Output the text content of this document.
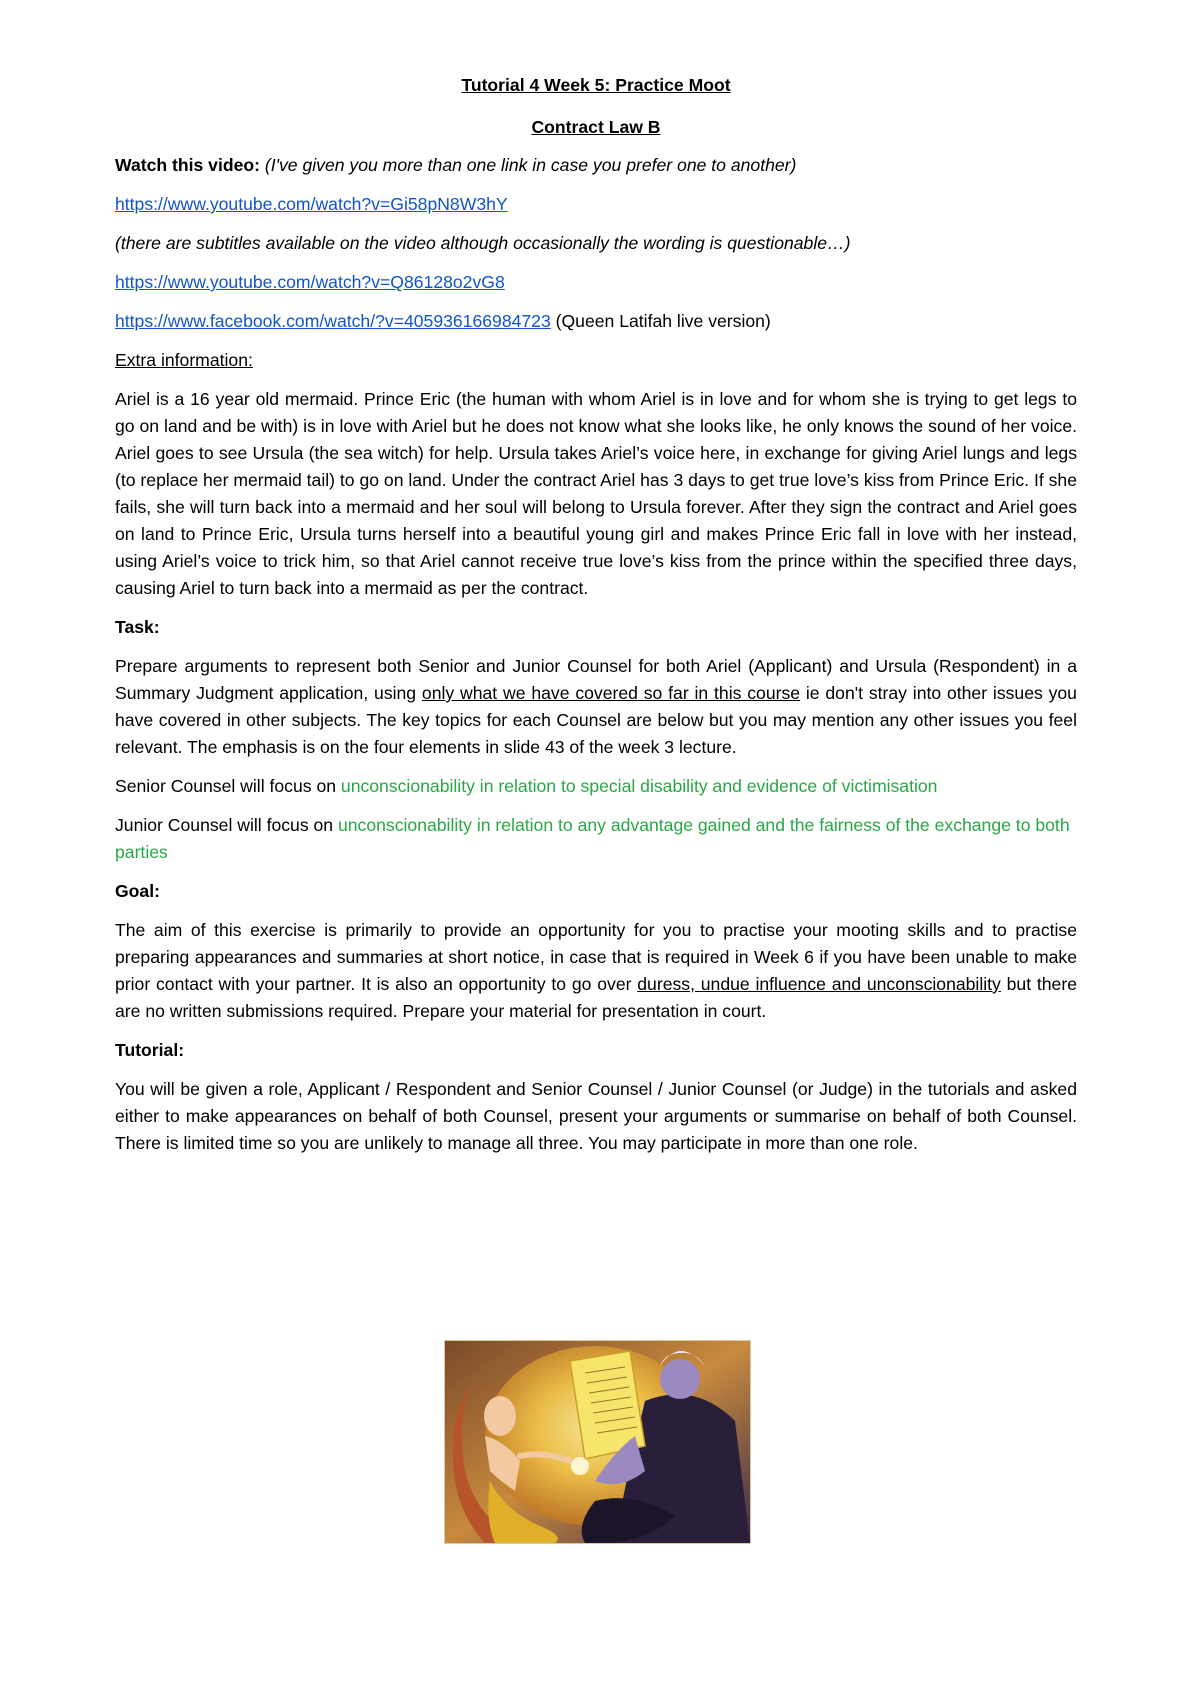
Tutorial 4 Week 5: Practice Moot
Contract Law B

Watch this video: (I've given you more than one link in case you prefer one to another)

https://www.youtube.com/watch?v=Gi58pN8W3hY

(there are subtitles available on the video although occasionally the wording is questionable…)

https://www.youtube.com/watch?v=Q86128o2vG8

https://www.facebook.com/watch/?v=405936166984723 (Queen Latifah live version)

Extra information:

Ariel is a 16 year old mermaid. Prince Eric (the human with whom Ariel is in love and for whom she is trying to get legs to go on land and be with) is in love with Ariel but he does not know what she looks like, he only knows the sound of her voice. Ariel goes to see Ursula (the sea witch) for help. Ursula takes Ariel’s voice here, in exchange for giving Ariel lungs and legs (to replace her mermaid tail) to go on land. Under the contract Ariel has 3 days to get true love’s kiss from Prince Eric. If she fails, she will turn back into a mermaid and her soul will belong to Ursula forever. After they sign the contract and Ariel goes on land to Prince Eric, Ursula turns herself into a beautiful young girl and makes Prince Eric fall in love with her instead, using Ariel’s voice to trick him, so that Ariel cannot receive true love’s kiss from the prince within the specified three days, causing Ariel to turn back into a mermaid as per the contract.

Task:

Prepare arguments to represent both Senior and Junior Counsel for both Ariel (Applicant) and Ursula (Respondent) in a Summary Judgment application, using only what we have covered so far in this course ie don't stray into other issues you have covered in other subjects. The key topics for each Counsel are below but you may mention any other issues you feel relevant. The emphasis is on the four elements in slide 43 of the week 3 lecture.

Senior Counsel will focus on unconscionability in relation to special disability and evidence of victimisation

Junior Counsel will focus on unconscionability in relation to any advantage gained and the fairness of the exchange to both parties

Goal:

The aim of this exercise is primarily to provide an opportunity for you to practise your mooting skills and to practise preparing appearances and summaries at short notice, in case that is required in Week 6 if you have been unable to make prior contact with your partner. It is also an opportunity to go over duress, undue influence and unconscionability but there are no written submissions required. Prepare your material for presentation in court.

Tutorial:

You will be given a role, Applicant / Respondent and Senior Counsel / Junior Counsel (or Judge) in the tutorials and asked either to make appearances on behalf of both Counsel, present your arguments or summarise on behalf of both Counsel. There is limited time so you are unlikely to manage all three. You may participate in more than one role.
